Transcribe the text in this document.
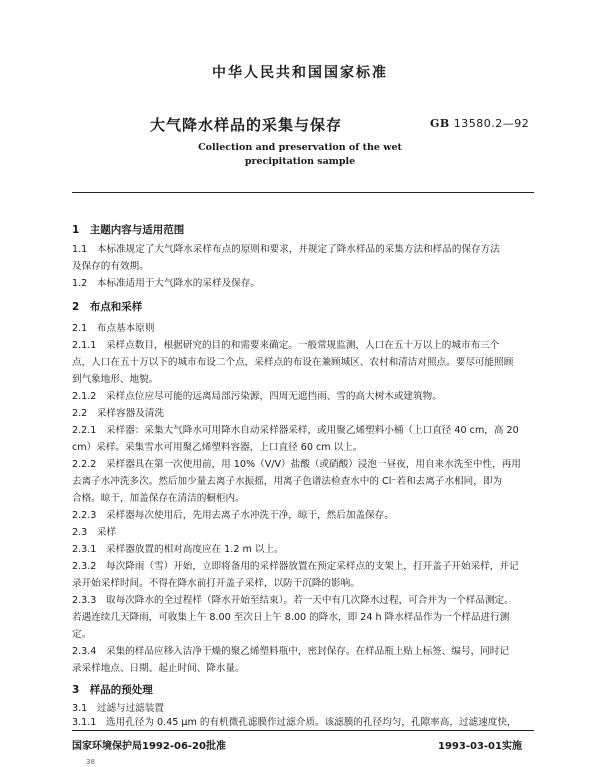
中华人民共和国国家标准
大气降水样品的采集与保存	GB 13580.2—92
Collection and preservation of the wet
precipitation sample
1　主题内容与适用范围
1.1　本标准规定了大气降水采样布点的原则和要求，并规定了降水样品的采集方法和样品的保存方法
及保存的有效期。
1.2　本标准适用于大气降水的采样及保存。
2　布点和采样
2.1　布点基本原则
2.1.1　采样点数目，根据研究的目的和需要来确定。一般常规监测，人口在五十万以上的城市布三个
点，人口在五十万以下的城市布设二个点，采样点的布设在兼顾城区、农村和清洁对照点。要尽可能照顾
到气象地形、地貌。
2.1.2　采样点位应尽可能的远离局部污染源，四周无遮挡雨、雪的高大树木或建筑物。
2.2　采样容器及清洗
2.2.1　采样器：采集大气降水可用降水自动采样器采样，或用聚乙烯塑料小桶（上口直径 40 cm，高 20
cm）采样。采集雪水可用聚乙烯塑料容器，上口直径 60 cm 以上。
2.2.2　采样器具在第一次使用前，用 10%（V/V）盐酸（或硝酸）浸泡一昼夜，用自来水洗至中性，再用
去离子水冲洗多次。然后加少量去离子水振摇，用离子色谱法检查水中的 Cl⁻若和去离子水相同，即为
合格。晾干，加盖保存在清洁的橱柜内。
2.2.3　采样器每次使用后，先用去离子水冲洗干净，晾干，然后加盖保存。
2.3　采样
2.3.1　采样器放置的相对高度应在 1.2 m 以上。
2.3.2　每次降雨（雪）开始，立即将备用的采样器放置在预定采样点的支架上，打开盖子开始采样，并记
录开始采样时间。不得在降水前打开盖子采样，以防干沉降的影响。
2.3.3　取每次降水的全过程样（降水开始至结束）。若一天中有几次降水过程，可合并为一个样品测定。
若遇连续几天降雨，可收集上午 8.00 至次日上午 8.00 的降水，即 24 h 降水样品作为一个样品进行测
定。
2.3.4　采集的样品应移入洁净干燥的聚乙烯塑料瓶中，密封保存。在样品瓶上贴上标签、编号，同时记
录采样地点、日期、起止时间、降水量。
3　样品的预处理
3.1　过滤与过滤装置
3.1.1　选用孔径为 0.45 μm 的有机微孔滤膜作过滤介质。该滤膜的孔径均匀，孔隙率高，过滤速度快，
国家环境保护局1992-06-20批准	1993-03-01实施
38
